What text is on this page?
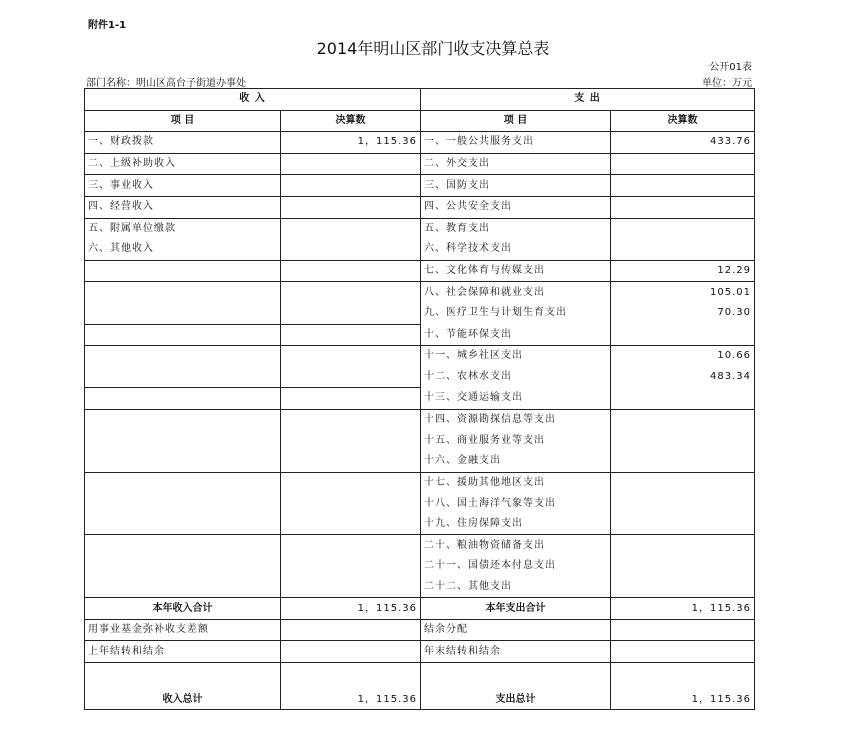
附件1-1
2014年明山区部门收支决算总表
公开01表
部门名称：明山区高台子街道办事处	单位：万元
收 入		支 出	
项 目	决算数	项 目	决算数
一、财政拨款	1，115.36	一、一般公共服务支出	433.76
二、上级补助收入		二、外交支出	
三、事业收入		三、国防支出	
四、经营收入		四、公共安全支出	
五、附属单位缴款		五、教育支出	
六、其他收入		六、科学技术支出	
		七、文化体育与传媒支出	12.29
		八、社会保障和就业支出	105.01
		九、医疗卫生与计划生育支出	70.30
		十、节能环保支出	
		十一、城乡社区支出	10.66
		十二、农林水支出	483.34
		十三、交通运输支出	
		十四、资源勘探信息等支出	
		十五、商业服务业等支出	
		十六、金融支出	
		十七、援助其他地区支出	
		十八、国土海洋气象等支出	
		十九、住房保障支出	
		二十、粮油物资储备支出	
		二十一、国债还本付息支出	
		二十二、其他支出	
本年收入合计	1，115.36	本年支出合计	1，115.36
用事业基金弥补收支差额		结余分配	
上年结转和结余		年末结转和结余	
收入总计	1，115.36	支出总计	1，115.36
